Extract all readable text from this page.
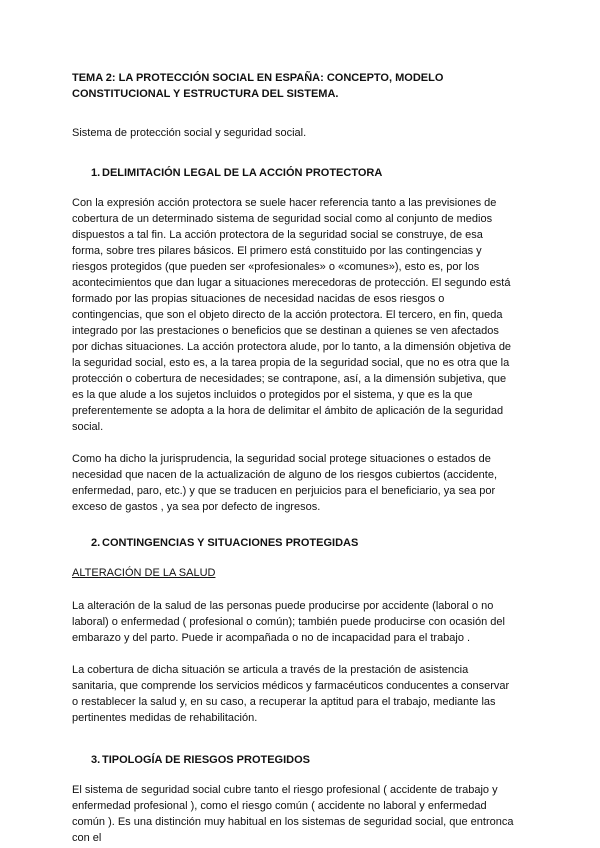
TEMA 2: LA PROTECCIÓN SOCIAL EN ESPAÑA: CONCEPTO, MODELO CONSTITUCIONAL Y ESTRUCTURA DEL SISTEMA.

Sistema de protección social y seguridad social.

1. DELIMITACIÓN LEGAL DE LA ACCIÓN PROTECTORA

Con la expresión acción protectora se suele hacer referencia tanto a las previsiones de cobertura de un determinado sistema de seguridad social como al conjunto de medios dispuestos a tal fin. La acción protectora de la seguridad social se construye, de esa forma, sobre tres pilares básicos. El primero está constituido por las contingencias y riesgos protegidos (que pueden ser «profesionales» o «comunes»), esto es, por los acontecimientos que dan lugar a situaciones merecedoras de protección. El segundo está formado por las propias situaciones de necesidad nacidas de esos riesgos o contingencias, que son el objeto directo de la acción protectora. El tercero, en fin, queda integrado por las prestaciones o beneficios que se destinan a quienes se ven afectados por dichas situaciones. La acción protectora alude, por lo tanto, a la dimensión objetiva de la seguridad social, esto es, a la tarea propia de la seguridad social, que no es otra que la protección o cobertura de necesidades; se contrapone, así, a la dimensión subjetiva, que es la que alude a los sujetos incluidos o protegidos por el sistema, y que es la que preferentemente se adopta a la hora de delimitar el ámbito de aplicación de la seguridad social.

Como ha dicho la jurisprudencia, la seguridad social protege situaciones o estados de necesidad que nacen de la actualización de alguno de los riesgos cubiertos (accidente, enfermedad, paro, etc.) y que se traducen en perjuicios para el beneficiario, ya sea por exceso de gastos , ya sea por defecto de ingresos.

2. CONTINGENCIAS Y SITUACIONES PROTEGIDAS
ALTERACIÓN DE LA SALUD

La alteración de la salud de las personas puede producirse por accidente (laboral o no laboral) o enfermedad ( profesional o común); también puede producirse con ocasión del embarazo y del parto. Puede ir acompañada o no de incapacidad para el trabajo .

La cobertura de dicha situación se articula a través de la prestación de asistencia sanitaria, que comprende los servicios médicos y farmacéuticos conducentes a conservar o restablecer la salud y, en su caso, a recuperar la aptitud para el trabajo, mediante las pertinentes medidas de rehabilitación.

3. TIPOLOGÍA DE RIESGOS PROTEGIDOS

El sistema de seguridad social cubre tanto el riesgo profesional ( accidente de trabajo y enfermedad profesional ), como el riesgo común ( accidente no laboral y enfermedad común ). Es una distinción muy habitual en los sistemas de seguridad social, que entronca con el
